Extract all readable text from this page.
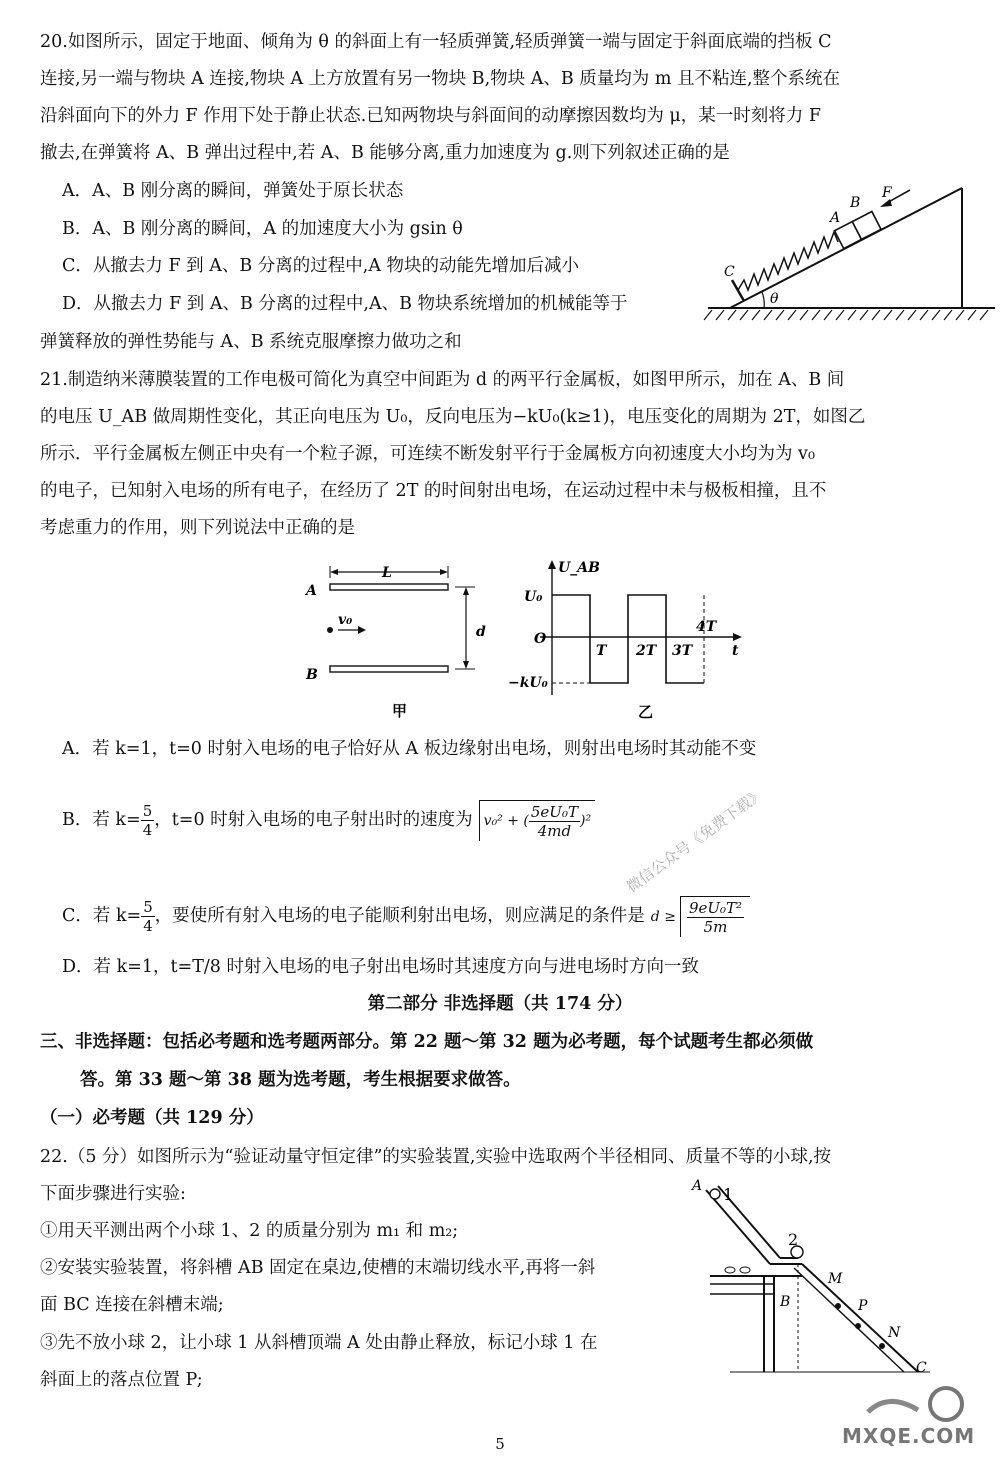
20.如图所示，固定于地面、倾角为 θ 的斜面上有一轻质弹簧,轻质弹簧一端与固定于斜面底端的挡板 C
连接,另一端与物块 A 连接,物块 A 上方放置有另一物块 B,物块 A、B 质量均为 m 且不粘连,整个系统在
沿斜面向下的外力 F 作用下处于静止状态.已知两物块与斜面间的动摩擦因数均为 μ，某一时刻将力 F
撤去,在弹簧将 A、B 弹出过程中,若 A、B 能够分离,重力加速度为 g.则下列叙述正确的是
A．A、B 刚分离的瞬间，弹簧处于原长状态
B．A、B 刚分离的瞬间，A 的加速度大小为 gsin θ
C．从撤去力 F 到 A、B 分离的过程中,A 物块的动能先增加后减小
D．从撤去力 F 到 A、B 分离的过程中,A、B 物块系统增加的机械能等于
弹簧释放的弹性势能与 A、B 系统克服摩擦力做功之和
A
B
F
C
θ
21.制造纳米薄膜装置的工作电极可简化为真空中间距为 d 的两平行金属板，如图甲所示，加在 A、B 间
的电压 U_AB 做周期性变化，其正向电压为 U₀，反向电压为−kU₀(k≥1)，电压变化的周期为 2T，如图乙
所示．平行金属板左侧正中央有一个粒子源，可连续不断发射平行于金属板方向初速度大小均为为 v₀
的电子，已知射入电场的所有电子，在经历了 2T 的时间射出电场，在运动过程中未与极板相撞，且不
考虑重力的作用，则下列说法中正确的是
A
B
L
d
v₀
甲
U_AB
U₀
O
−kU₀
T 2T 3T
4T
t
乙
A．若 k=1，t=0 时射入电场的电子恰好从 A 板边缘射出电场，则射出电场时其动能不变
B．若 $k= \frac{5}{4}$ ，t=0 时射入电场的电子射出时的速度为 v₀² + ( $\frac{\text{5eU₀T}}{4md} )^2$
C．若 $k= \frac{5}{4}$ ，要使所有射入电场的电子能顺利射出电场，则应满足的条件是 $d \ge \frac{\text{9eU₀T²}}{5m}$
D．若 k=1，t=T/8 时射入电场的电子射出电场时其速度方向与进电场时方向一致
微信公众号《免费下载》
第二部分 非选择题（共 174 分）
三、非选择题：包括必考题和选考题两部分。第 22 题～第 32 题为必考题，每个试题考生都必须做
答。第 33 题～第 38 题为选考题，考生根据要求做答。
（一）必考题（共 129 分）
22.（5 分）如图所示为“验证动量守恒定律”的实验装置,实验中选取两个半径相同、质量不等的小球,按
下面步骤进行实验:
①用天平测出两个小球 1、2 的质量分别为 m₁ 和 m₂;
②安装实验装置，将斜槽 AB 固定在桌边,使槽的末端切线水平,再将一斜
面 BC 连接在斜槽末端;
③先不放小球 2，让小球 1 从斜槽顶端 A 处由静止释放，标记小球 1 在
斜面上的落点位置 P;
A 1
2
B
M
P
N
C
5	MXQE.COM
